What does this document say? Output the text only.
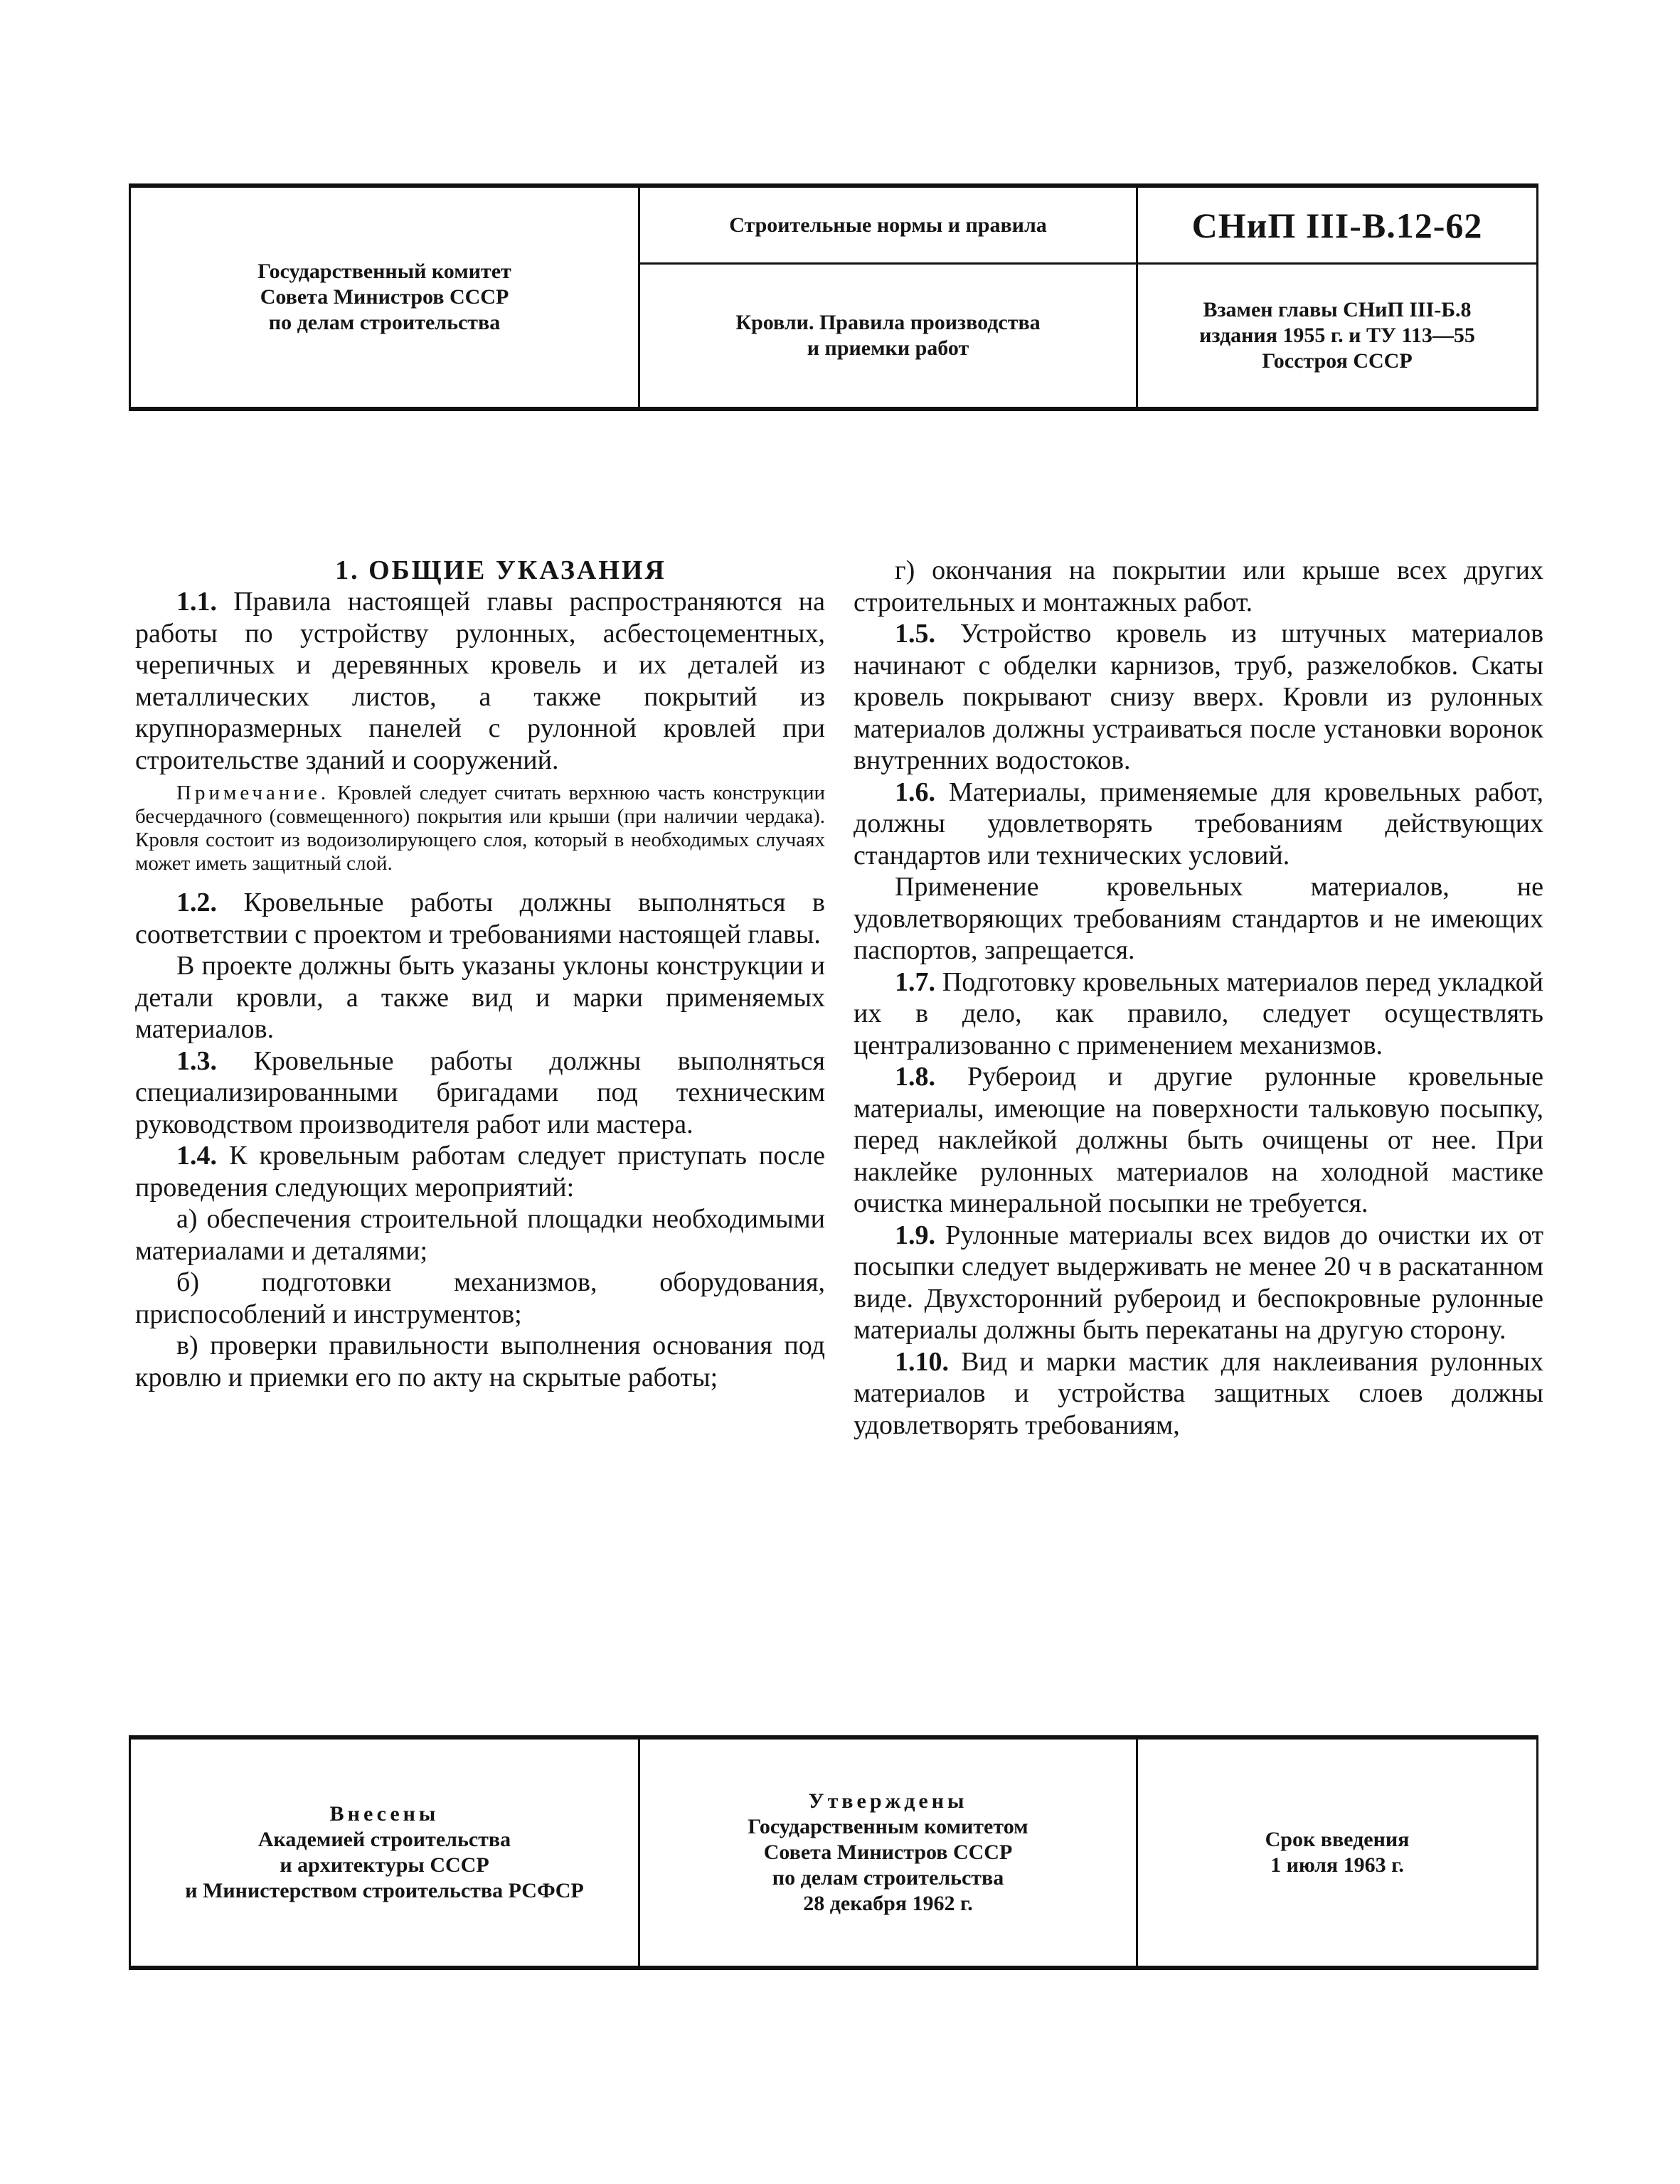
Государственный комитет
Совета Министров СССР
по делам строительства
Строительные нормы и правила	СНиП III-В.12-62
Кровли. Правила производства
и приемки работ
Взамен главы СНиП III-Б.8
издания 1955 г. и ТУ 113—55
Госстроя СССР

1. ОБЩИЕ УКАЗАНИЯ

1.1. Правила настоящей главы распространяются на работы по устройству рулонных, асбестоцементных, черепичных и деревянных кровель и их деталей из металлических листов, а также покрытий из крупноразмерных панелей с рулонной кровлей при строительстве зданий и сооружений.

Примечание. Кровлей следует считать верхнюю часть конструкции бесчердачного (совмещенного) покрытия или крыши (при наличии чердака). Кровля состоит из водоизолирующего слоя, который в необходимых случаях может иметь защитный слой.

1.2. Кровельные работы должны выполняться в соответствии с проектом и требованиями настоящей главы.

В проекте должны быть указаны уклоны конструкции и детали кровли, а также вид и марки применяемых материалов.

1.3. Кровельные работы должны выполняться специализированными бригадами под техническим руководством производителя работ или мастера.

1.4. К кровельным работам следует приступать после проведения следующих мероприятий:

а) обеспечения строительной площадки необходимыми материалами и деталями;

б) подготовки механизмов, оборудования, приспособлений и инструментов;

в) проверки правильности выполнения основания под кровлю и приемки его по акту на скрытые работы;

г) окончания на покрытии или крыше всех других строительных и монтажных работ.

1.5. Устройство кровель из штучных материалов начинают с обделки карнизов, труб, разжелобков. Скаты кровель покрывают снизу вверх. Кровли из рулонных материалов должны устраиваться после установки воронок внутренних водостоков.

1.6. Материалы, применяемые для кровельных работ, должны удовлетворять требованиям действующих стандартов или технических условий.

Применение кровельных материалов, не удовлетворяющих требованиям стандартов и не имеющих паспортов, запрещается.

1.7. Подготовку кровельных материалов перед укладкой их в дело, как правило, следует осуществлять централизованно с применением механизмов.

1.8. Рубероид и другие рулонные кровельные материалы, имеющие на поверхности тальковую посыпку, перед наклейкой должны быть очищены от нее. При наклейке рулонных материалов на холодной мастике очистка минеральной посыпки не требуется.

1.9. Рулонные материалы всех видов до очистки их от посыпки следует выдерживать не менее 20 ч в раскатанном виде. Двухсторонний рубероид и беспокровные рулонные материалы должны быть перекатаны на другую сторону.

1.10. Вид и марки мастик для наклеивания рулонных материалов и устройства защитных слоев должны удовлетворять требованиям,

Внесены
Академией строительства
и архитектуры СССР
и Министерством строительства РСФСР
Утверждены
Государственным комитетом
Совета Министров СССР
по делам строительства
28 декабря 1962 г.
Срок введения
1 июля 1963 г.
